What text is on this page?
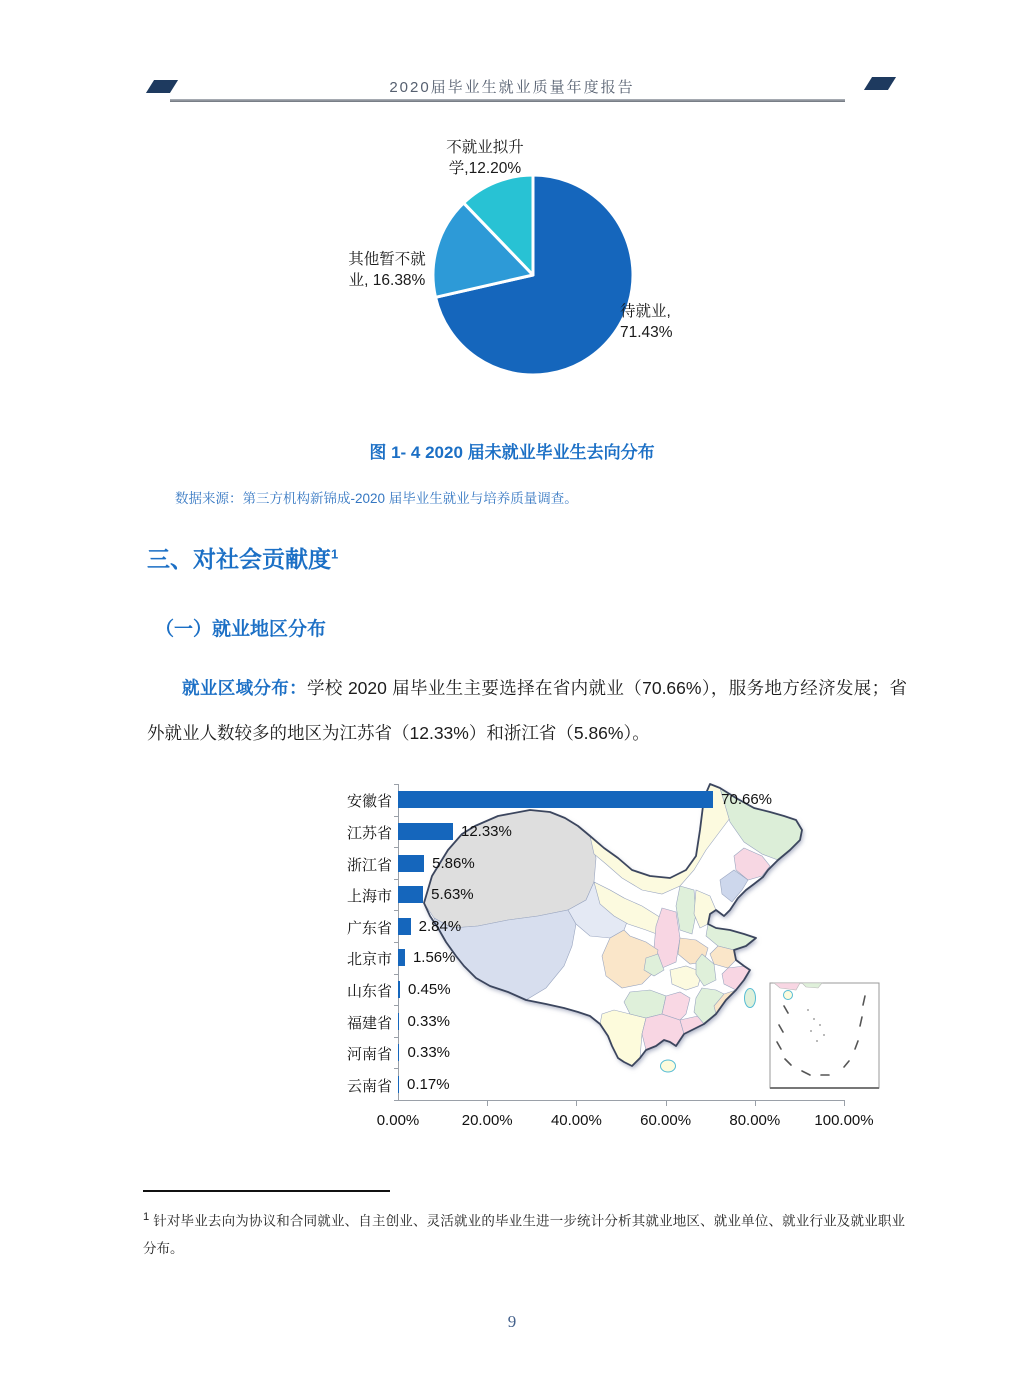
2020届毕业生就业质量年度报告
不就业拟升
学,12.20%
其他暂不就
业, 16.38%
待就业,
71.43%
图 1- 4 2020 届未就业毕业生去向分布
数据来源：第三方机构新锦成-2020 届毕业生就业与培养质量调查。
三、对社会贡献度$^1$
（一）就业地区分布
就业区域分布：学校 2020 届毕业生主要选择在省内就业（70.66%），服务地方经济发展；省外就业人数较多的地区为江苏省（12.33%）和浙江省（5.86%）。
安徽省	70.66%
江苏省	12.33%
浙江省	5.86%
上海市	5.63%
广东省 2.84%
北京市 1.56%
山东省 0.45%
福建省 0.33%
河南省 0.33%
云南省 0.17%
0.00%	20.00%	40.00%	60.00%	80.00%	100.00%
$^1$ 针对毕业去向为协议和合同就业、自主创业、灵活就业的毕业生进一步统计分析其就业地区、就业单位、就业行业及就业职业分布。
9
